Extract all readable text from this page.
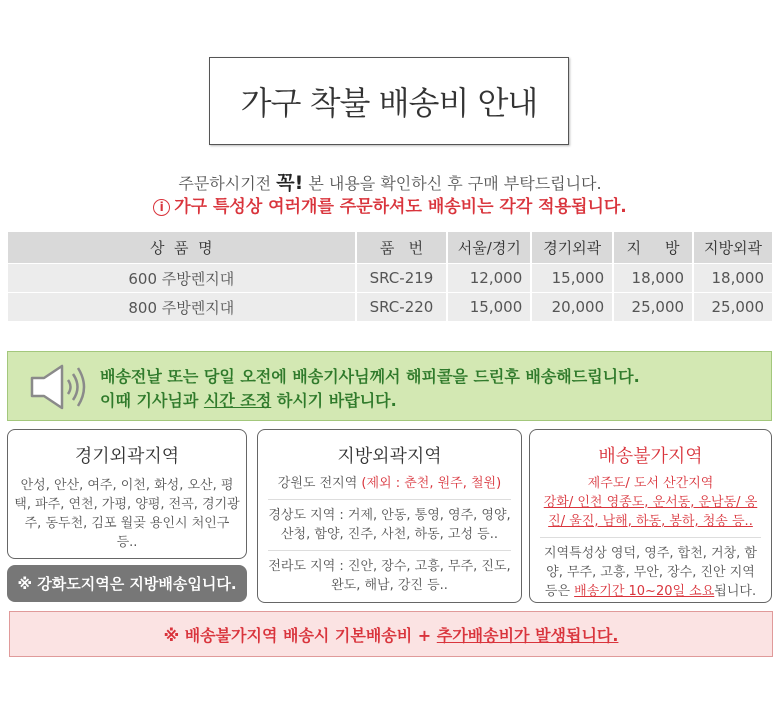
가구 착불 배송비 안내
주문하시기전 꼭! 본 내용을 확인하신 후 구매 부탁드립니다.
i 가구 특성상 여러개를 주문하셔도 배송비는 각각 적용됩니다.
상  품  명	품   번	서울/경기	경기외곽	지     방	지방외곽
600 주방렌지대	SRC-219	12,000	15,000	18,000	18,000
800 주방렌지대	SRC-220	15,000	20,000	25,000	25,000
배송전날 또는 당일 오전에 배송기사님께서 해피콜을 드린후 배송해드립니다.
이때 기사님과 시간 조정 하시기 바랍니다.
경기외곽지역
안성, 안산, 여주, 이천, 화성, 오산, 평택, 파주, 연천, 가평, 양평, 전곡, 경기광주, 동두천, 김포 월곶 용인시 처인구 등..
※ 강화도지역은 지방배송입니다.
지방외곽지역
강원도 전지역 (제외 : 춘천, 원주, 철원)
경상도 지역 : 거제, 안동, 통영, 영주, 영양, 산청, 함양, 진주, 사천, 하동, 고성 등..
전라도 지역 : 진안, 장수, 고흥, 무주, 진도, 완도, 해남, 강진 등..
배송불가지역
제주도/ 도서 산간지역
강화/ 인천 영종도, 운서동, 운남동/ 옹진/ 울진, 남해, 하동, 봉하, 청송 등..
지역특성상 영덕, 영주, 합천, 거창, 함양, 무주, 고흥, 무안, 장수, 진안 지역 등은 배송기간 10~20일 소요됩니다.
※ 배송불가지역 배송시 기본배송비 + 추가배송비가 발생됩니다.
